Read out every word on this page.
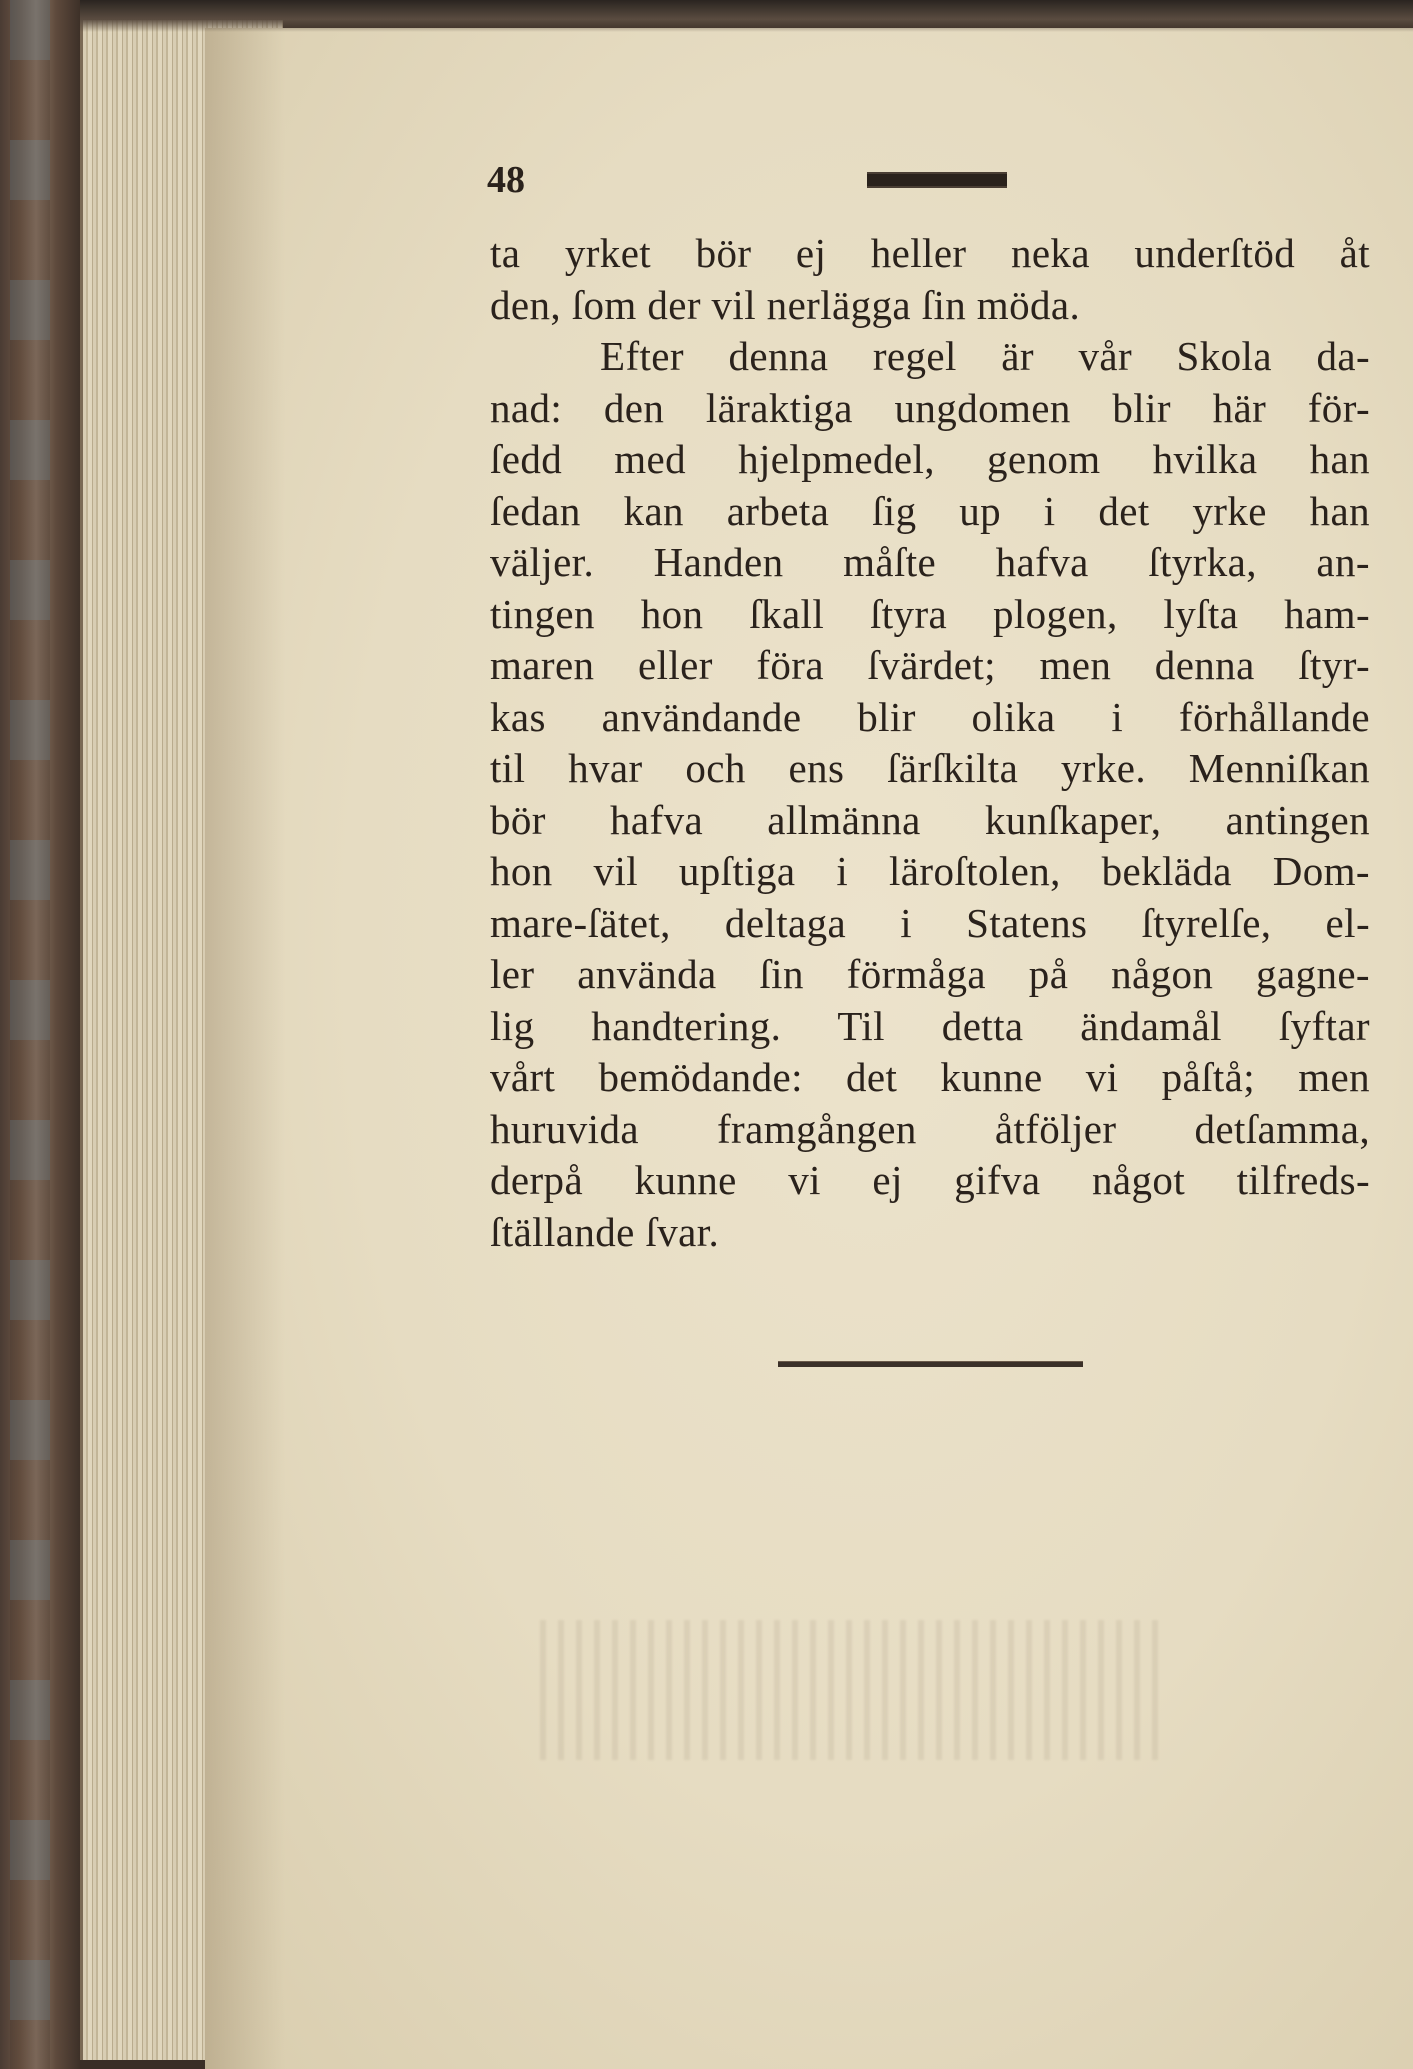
48
ta yrket bör ej heller neka underſtöd åt
den, ſom der vil nerlägga ſin möda.
Efter denna regel är vår Skola da-
nad: den läraktiga ungdomen blir här för-
ſedd med hjelpmedel, genom hvilka han
ſedan kan arbeta ſig up i det yrke han
väljer. Handen måſte hafva ſtyrka, an-
tingen hon ſkall ſtyra plogen, lyſta ham-
maren eller föra ſvärdet; men denna ſtyr-
kas användande blir olika i förhållande
til hvar och ens ſärſkilta yrke. Menniſkan
bör hafva allmänna kunſkaper, antingen
hon vil upſtiga i läroſtolen, bekläda Dom-
mare-ſätet, deltaga i Statens ſtyrelſe, el-
ler använda ſin förmåga på någon gagne-
lig handtering. Til detta ändamål ſyftar
vårt bemödande: det kunne vi påſtå; men
huruvida framgången åtföljer detſamma,
derpå kunne vi ej gifva något tilfreds-
ſtällande ſvar.
